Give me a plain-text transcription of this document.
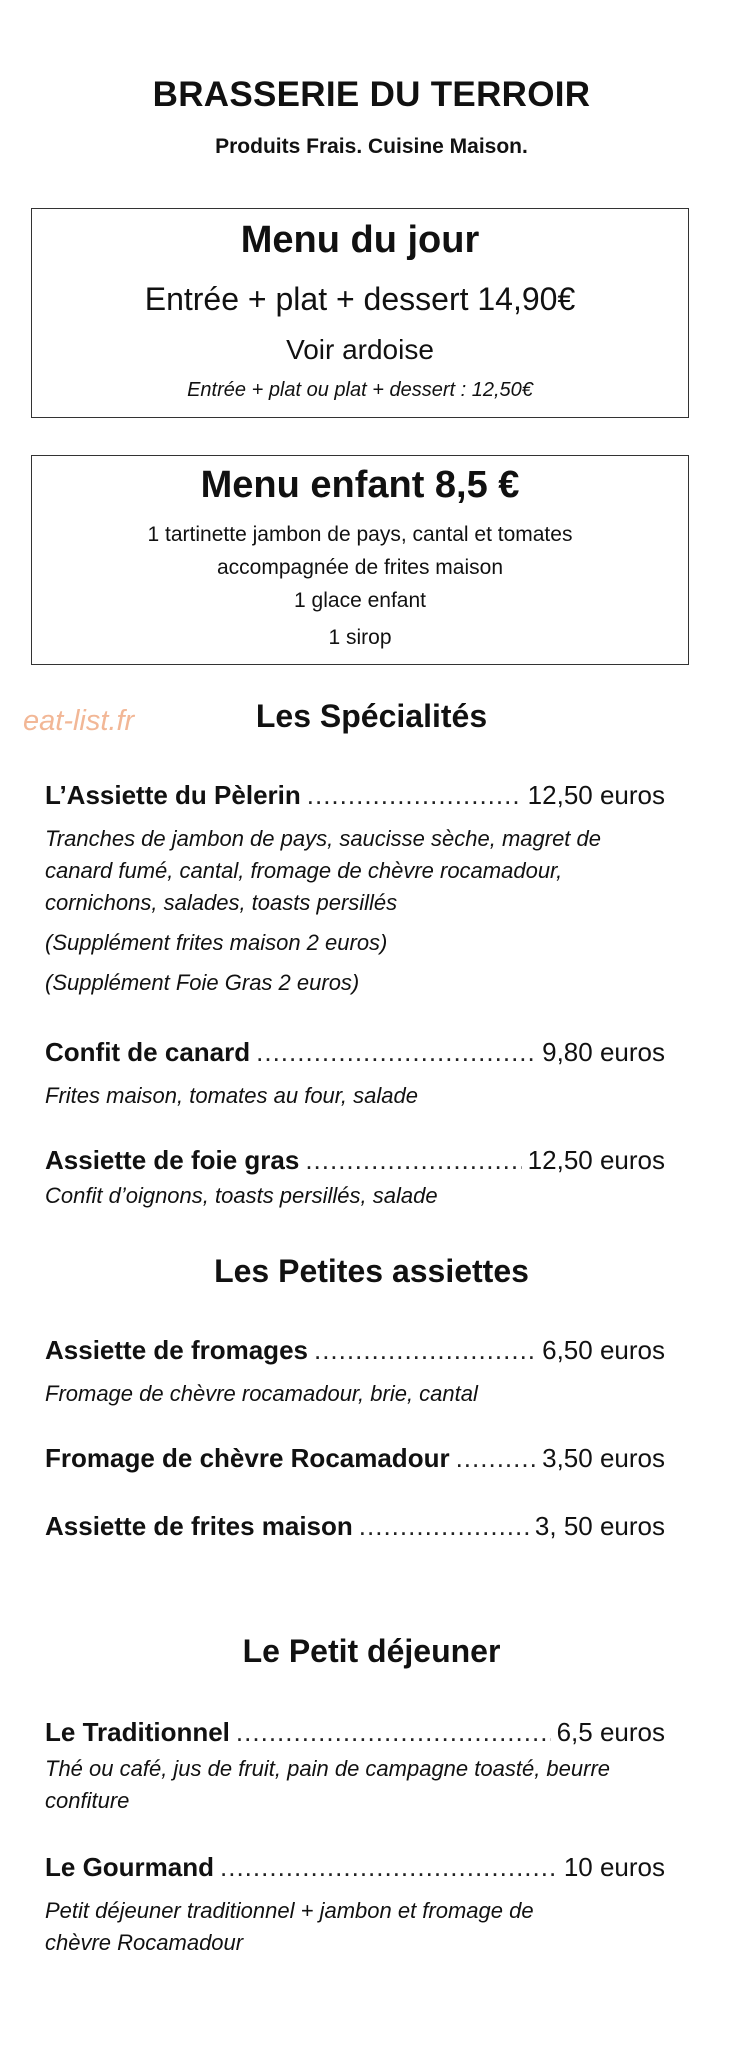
BRASSERIE DU TERROIR
Produits Frais. Cuisine Maison.
Menu du jour
Entrée + plat + dessert 14,90€
Voir ardoise
Entrée + plat ou plat + dessert : 12,50€
Menu enfant 8,5 €
1 tartinette jambon de pays, cantal et tomates
accompagnée de frites maison
1 glace enfant
1 sirop
eat-list.fr	Les Spécialités
L’Assiette du Pèlerin .....	12,50 euros
Tranches de jambon de pays, saucisse sèche, magret de
canard fumé, cantal, fromage de chèvre rocamadour,
cornichons, salades, toasts persillés
(Supplément frites maison 2 euros)
(Supplément Foie Gras 2 euros)
Confit de canard .....	9,80 euros
Frites maison, tomates au four, salade
Assiette de foie gras .....	12,50 euros
Confit d’oignons, toasts persillés, salade
Les Petites assiettes
Assiette de fromages .....	6,50 euros
Fromage de chèvre rocamadour, brie, cantal
Fromage de chèvre Rocamadour .....	3,50 euros
Assiette de frites maison .....	3, 50 euros
Le Petit déjeuner
Le Traditionnel .....	6,5 euros
Thé ou café, jus de fruit, pain de campagne toasté, beurre
confiture
Le Gourmand .....	10 euros
Petit déjeuner traditionnel + jambon et fromage de
chèvre Rocamadour
